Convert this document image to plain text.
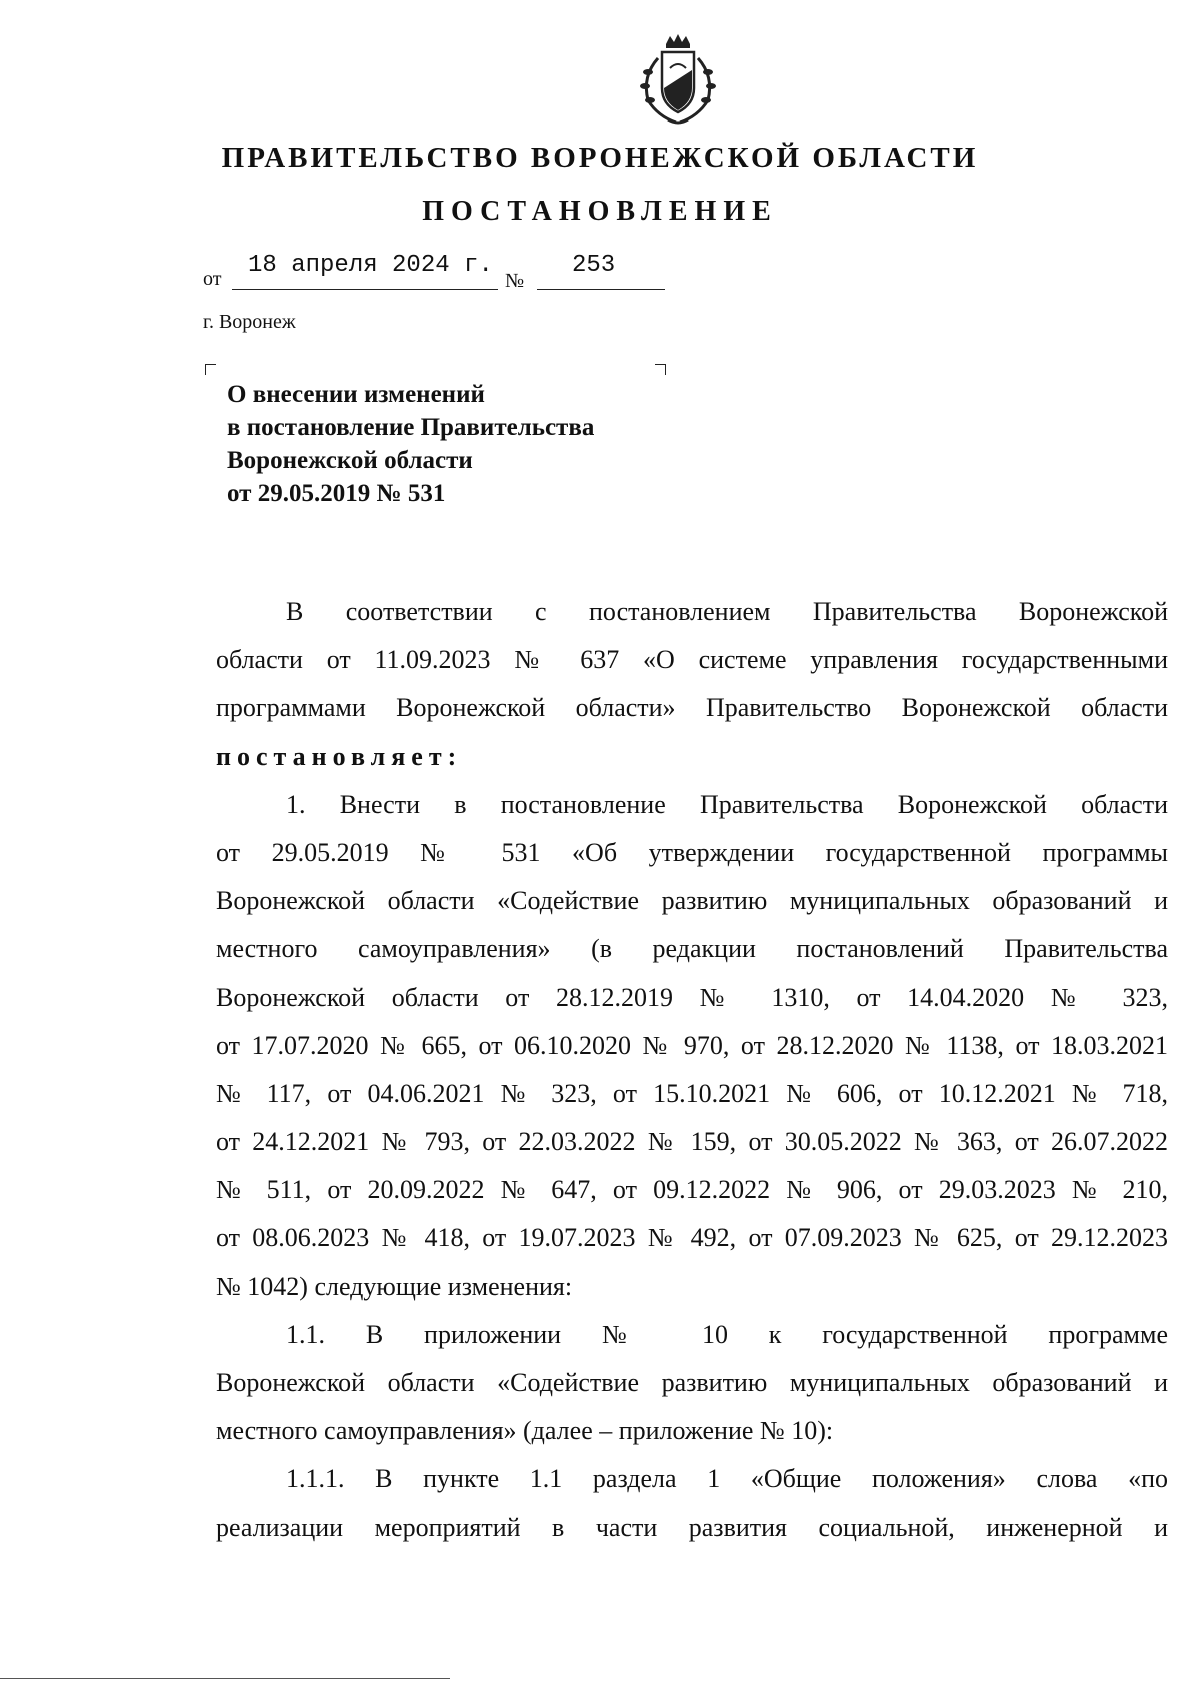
ПРАВИТЕЛЬСТВО ВОРОНЕЖСКОЙ ОБЛАСТИ
ПОСТАНОВЛЕНИЕ
от 18 апреля 2024 г.
№
253
г. Воронеж
О внесении изменений
в постановление Правительства
Воронежской области
от 29.05.2019 № 531
В соответствии с постановлением Правительства Воронежской
области от 11.09.2023 № 637 «О системе управления государственными
программами Воронежской области» Правительство Воронежской области
постановляет:
1. Внести в постановление Правительства Воронежской области
от 29.05.2019 № 531 «Об утверждении государственной программы
Воронежской области «Содействие развитию муниципальных образований и
местного самоуправления» (в редакции постановлений Правительства
Воронежской области от 28.12.2019 № 1310, от 14.04.2020 № 323,
от 17.07.2020 № 665, от 06.10.2020 № 970, от 28.12.2020 № 1138, от 18.03.2021
№ 117, от 04.06.2021 № 323, от 15.10.2021 № 606, от 10.12.2021 № 718,
от 24.12.2021 № 793, от 22.03.2022 № 159, от 30.05.2022 № 363, от 26.07.2022
№ 511, от 20.09.2022 № 647, от 09.12.2022 № 906, от 29.03.2023 № 210,
от 08.06.2023 № 418, от 19.07.2023 № 492, от 07.09.2023 № 625, от 29.12.2023
№ 1042) следующие изменения:
1.1. В приложении № 10 к государственной программе
Воронежской области «Содействие развитию муниципальных образований и
местного самоуправления» (далее – приложение № 10):
1.1.1. В пункте 1.1 раздела 1 «Общие положения» слова «по
реализации мероприятий в части развития социальной, инженерной и
